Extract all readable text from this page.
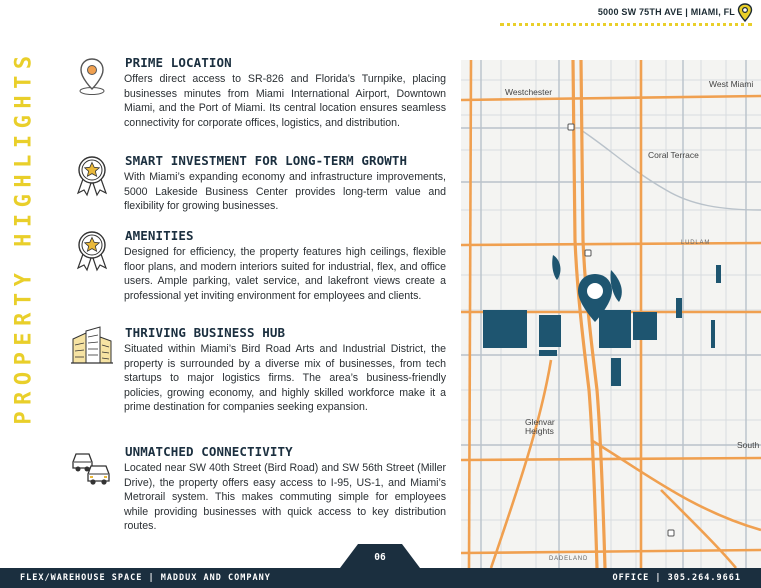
5000 SW 75TH AVE | MIAMI, FL
PROPERTY HIGHLIGHTS	PRIME LOCATION
Offers direct access to SR-826 and Florida’s Turnpike, placing businesses minutes from Miami International Airport, Downtown Miami, and the Port of Miami. Its central location ensures seamless connectivity for corporate offices, logistics, and distribution.
SMART INVESTMENT FOR LONG-TERM GROWTH
With Miami’s expanding economy and infrastructure improvements, 5000 Lakeside Business Center provides long-term value and flexibility for growing businesses.
AMENITIES
Designed for efficiency, the property features high ceilings, flexible floor plans, and modern interiors suited for industrial, flex, and office users. Ample parking, valet service, and lakefront views create a professional yet inviting environment for employees and clients.
THRIVING BUSINESS HUB
Situated within Miami’s Bird Road Arts and Industrial District, the property is surrounded by a diverse mix of businesses, from tech startups to major logistics firms. The area’s business-friendly policies, growing economy, and highly skilled workforce make it a prime destination for companies seeking expansion.
UNMATCHED CONNECTIVITY
Located near SW 40th Street (Bird Road) and SW 56th Street (Miller Drive), the property offers easy access to I-95, US-1, and Miami’s Metrorail system. This makes commuting simple for employees while providing businesses with quick access to key distribution routes.
Westchester
West Miami
Coral Terrace
Glenvar Heights
South
LUDLAM
DADELAND
FLEX/WAREHOUSE SPACE | MADDUX AND COMPANY	OFFICE | 305.264.9661
06
